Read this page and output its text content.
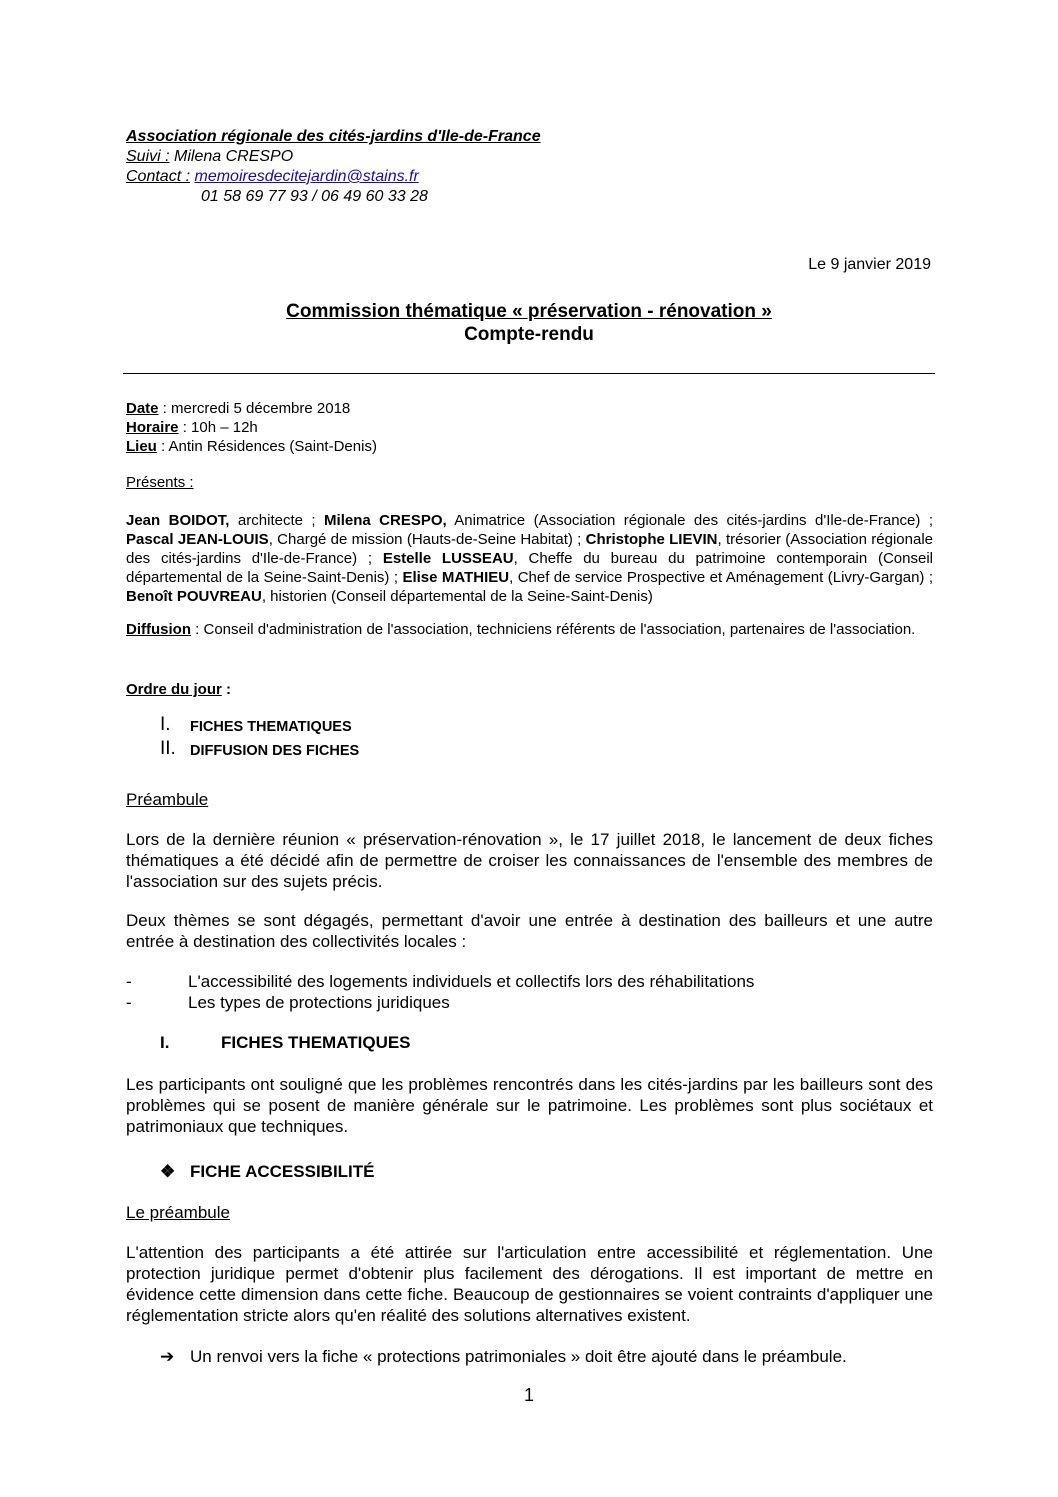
Association régionale des cités-jardins d'Ile-de-France
Suivi : Milena CRESPO
Contact : memoiresdecitejardin@stains.fr
01 58 69 77 93 / 06 49 60 33 28
Le 9 janvier 2019
Commission thématique « préservation - rénovation »
Compte-rendu
Date : mercredi 5 décembre 2018
Horaire : 10h – 12h
Lieu : Antin Résidences (Saint-Denis)
Présents :
Jean BOIDOT, architecte ; Milena CRESPO, Animatrice (Association régionale des cités-jardins d'Ile-de-France) ; Pascal JEAN-LOUIS, Chargé de mission (Hauts-de-Seine Habitat) ; Christophe LIEVIN, trésorier (Association régionale des cités-jardins d'Ile-de-France) ; Estelle LUSSEAU, Cheffe du bureau du patrimoine contemporain (Conseil départemental de la Seine-Saint-Denis) ; Elise MATHIEU, Chef de service Prospective et Aménagement (Livry-Gargan) ; Benoît POUVREAU, historien (Conseil départemental de la Seine-Saint-Denis)
Diffusion : Conseil d'administration de l'association, techniciens référents de l'association, partenaires de l'association.
Ordre du jour :
I. FICHES THEMATIQUES
II. DIFFUSION DES FICHES
Préambule
Lors de la dernière réunion « préservation-rénovation », le 17 juillet 2018, le lancement de deux fiches thématiques a été décidé afin de permettre de croiser les connaissances de l'ensemble des membres de l'association sur des sujets précis.
Deux thèmes se sont dégagés, permettant d'avoir une entrée à destination des bailleurs et une autre entrée à destination des collectivités locales :
-	L'accessibilité des logements individuels et collectifs lors des réhabilitations
-	Les types de protections juridiques
I.	FICHES THEMATIQUES
Les participants ont souligné que les problèmes rencontrés dans les cités-jardins par les bailleurs sont des problèmes qui se posent de manière générale sur le patrimoine. Les problèmes sont plus sociétaux et patrimoniaux que techniques.
❖ FICHE ACCESSIBILITÉ
Le préambule
L'attention des participants a été attirée sur l'articulation entre accessibilité et réglementation. Une protection juridique permet d'obtenir plus facilement des dérogations. Il est important de mettre en évidence cette dimension dans cette fiche. Beaucoup de gestionnaires se voient contraints d'appliquer une réglementation stricte alors qu'en réalité des solutions alternatives existent.
➔ Un renvoi vers la fiche « protections patrimoniales » doit être ajouté dans le préambule.
1
